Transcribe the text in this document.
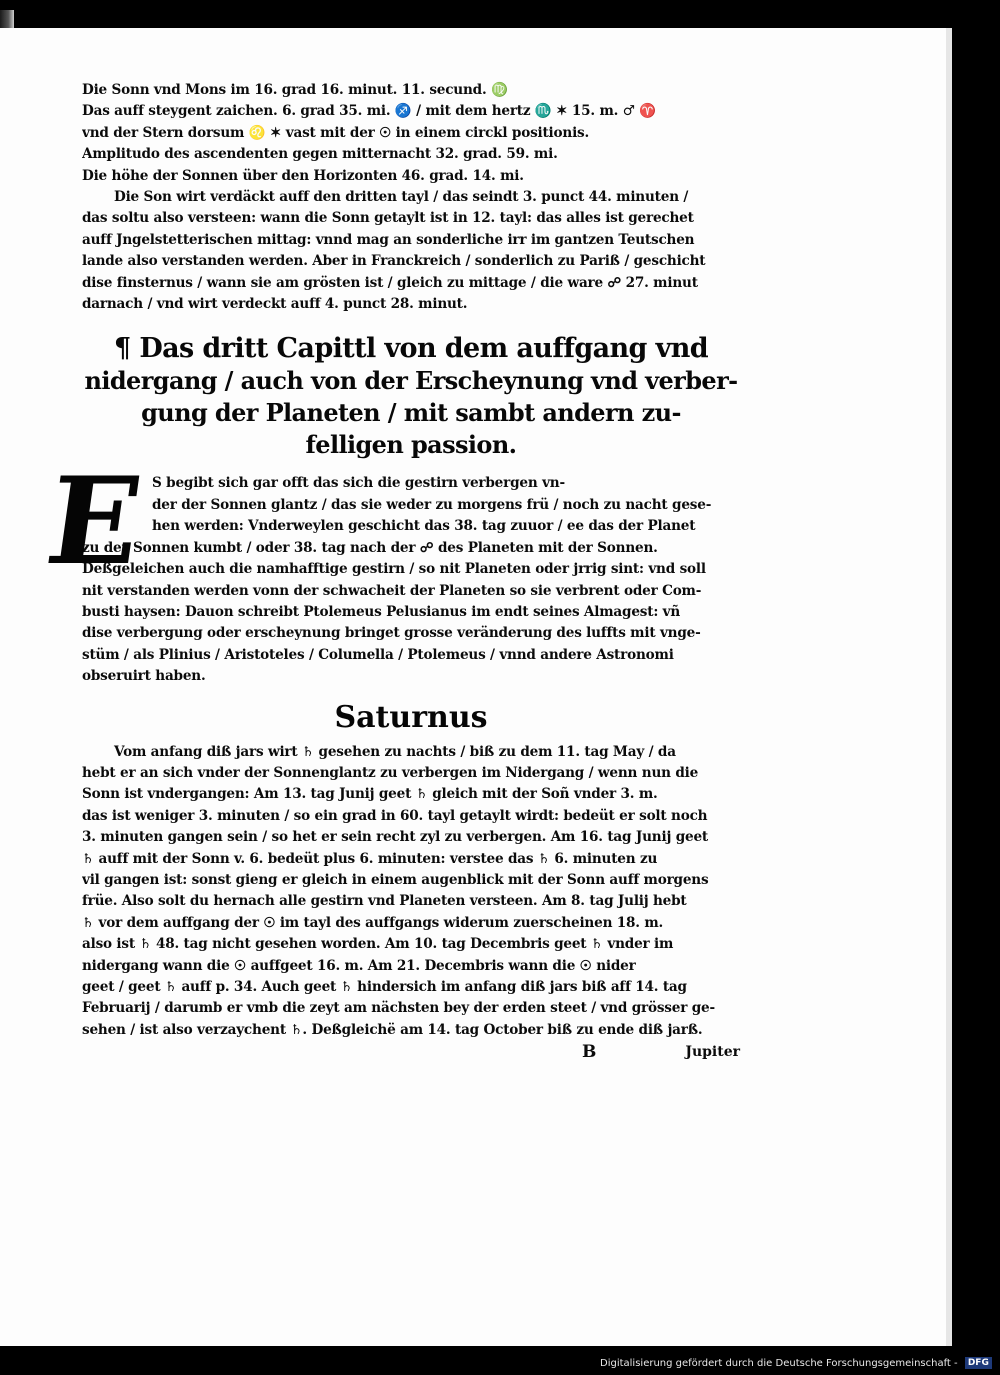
Die Sonn vnd Mons im 16. grad 16. minut. 11. secund. ♍
Das auff steygent zaichen. 6. grad 35. mi. ♐ / mit dem hertz ♏ ✶ 15. m. ♂ ♈
vnd der Stern dorsum ♌ ✶ vast mit der ☉ in einem circkl positionis.
Amplitudo des ascendenten gegen mitternacht 32. grad. 59. mi.
Die höhe der Sonnen über den Horizonten 46. grad. 14. mi.
Die Son wirt verdäckt auff den dritten tayl / das seindt 3. punct 44. minuten /
das soltu also versteen: wann die Sonn getaylt ist in 12. tayl: das alles ist gerechet
auff Jngelstetterischen mittag: vnnd mag an sonderliche irr im gantzen Teutschen
lande also verstanden werden. Aber in Franckreich / sonderlich zu Pariß / geschicht
dise finsternus / wann sie am grösten ist / gleich zu mittage / die ware ☍ 27. minut
darnach / vnd wirt verdeckt auff 4. punct 28. minut.
¶ Das dritt Capittl von dem auffgang vnd
nidergang / auch von der Erscheynung vnd verber-
gung der Planeten / mit sambt andern zu-
felligen passion.
E S begibt sich gar offt das sich die gestirn verbergen vn-
der der Sonnen glantz / das sie weder zu morgens frü / noch zu nacht gese-
hen werden: Vnderweylen geschicht das 38. tag zuuor / ee das der Planet
zu der Sonnen kumbt / oder 38. tag nach der ☍ des Planeten mit der Sonnen.
Deßgeleichen auch die namhafftige gestirn / so nit Planeten oder jrrig sint: vnd soll
nit verstanden werden vonn der schwacheit der Planeten so sie verbrent oder Com-
busti haysen: Dauon schreibt Ptolemeus Pelusianus im endt seines Almagest: vñ
dise verbergung oder erscheynung bringet grosse veränderung des luffts mit vnge-
stüm / als Plinius / Aristoteles / Columella / Ptolemeus / vnnd andere Astronomi
obseruirt haben.
Saturnus
Vom anfang diß jars wirt ♄ gesehen zu nachts / biß zu dem 11. tag May / da
hebt er an sich vnder der Sonnenglantz zu verbergen im Nidergang / wenn nun die
Sonn ist vndergangen: Am 13. tag Junij geet ♄ gleich mit der Soñ vnder 3. m.
das ist weniger 3. minuten / so ein grad in 60. tayl getaylt wirdt: bedeüt er solt noch
3. minuten gangen sein / so het er sein recht zyl zu verbergen. Am 16. tag Junij geet
♄ auff mit der Sonn v. 6. bedeüt plus 6. minuten: verstee das ♄ 6. minuten zu
vil gangen ist: sonst gieng er gleich in einem augenblick mit der Sonn auff morgens
früe. Also solt du hernach alle gestirn vnd Planeten versteen. Am 8. tag Julij hebt
♄ vor dem auffgang der ☉ im tayl des auffgangs widerum zuerscheinen 18. m.
also ist ♄ 48. tag nicht gesehen worden. Am 10. tag Decembris geet ♄ vnder im
nidergang wann die ☉ auffgeet 16. m. Am 21. Decembris wann die ☉ nider
geet / geet ♄ auff p. 34. Auch geet ♄ hindersich im anfang diß jars biß aff 14. tag
Februarij / darumb er vmb die zeyt am nächsten bey der erden steet / vnd grösser ge-
sehen / ist also verzaychent ♄. Deßgleichë am 14. tag October biß zu ende diß jarß.
B	Jupiter
Digitalisierung gefördert durch die Deutsche Forschungsgemeinschaft - DFG
